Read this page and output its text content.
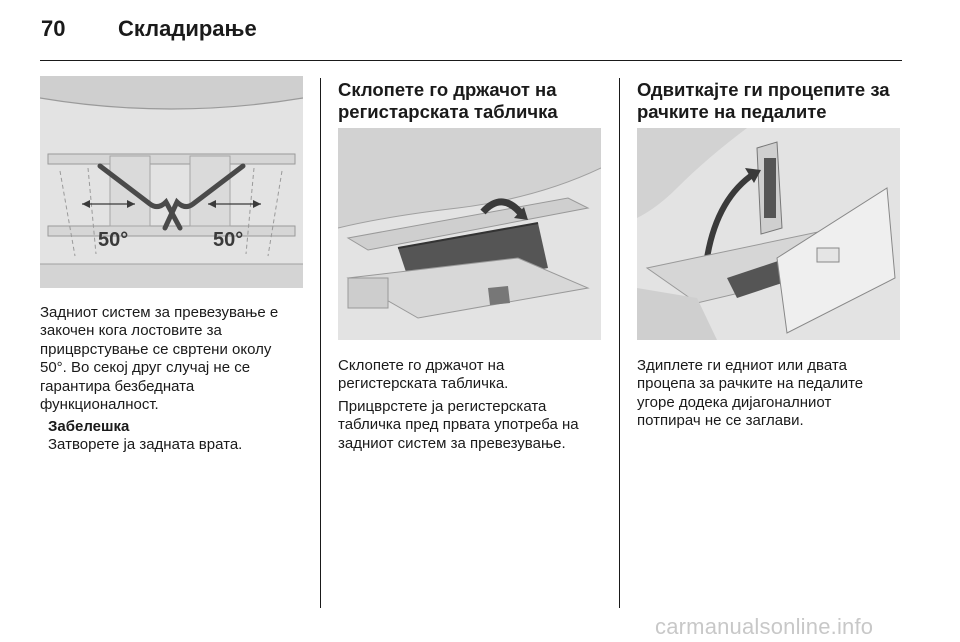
70 Складирање
50°	50°
Задниот систем за превезување е
закочен кога лостовите за
прицврстување се свртени околу
50°. Во секој друг случај не се
гарантира безбедната
функционалност.
Забелешка
Затворете ја задната врата.
Склопете го држачот на
регистарската табличка
Склопете го држачот на
регистерската табличка.
Прицврстете ја регистерската
табличка пред првата употреба на
задниот систем за превезување.
Одвиткајте ги процепите за
рачките на педалите
Здиплете ги едниот или двата
процепа за рачките на педалите
угоре додека дијагоналниот
потпирач не се заглави.
carmanualsonline.info
